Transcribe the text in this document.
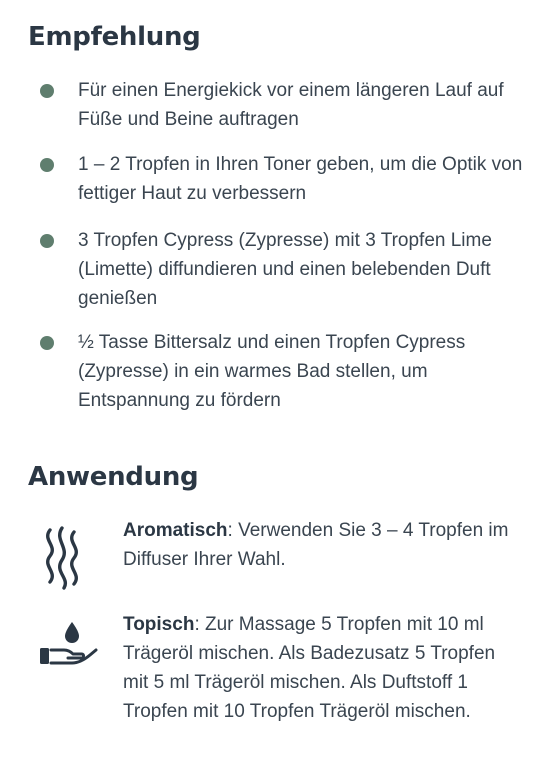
Empfehlung
Für einen Energiekick vor einem längeren Lauf auf Füße und Beine auftragen
1 – 2 Tropfen in Ihren Toner geben, um die Optik von fettiger Haut zu verbessern
3 Tropfen Cypress (Zypresse) mit 3 Tropfen Lime (Limette) diffundieren und einen belebenden Duft genießen
½ Tasse Bittersalz und einen Tropfen Cypress (Zypresse) in ein warmes Bad stellen, um Entspannung zu fördern
Anwendung
Aromatisch: Verwenden Sie 3 – 4 Tropfen im Diffuser Ihrer Wahl.
Topisch: Zur Massage 5 Tropfen mit 10 ml Trägeröl mischen. Als Badezusatz 5 Tropfen mit 5 ml Trägeröl mischen. Als Duftstoff 1 Tropfen mit 10 Tropfen Trägeröl mischen.
